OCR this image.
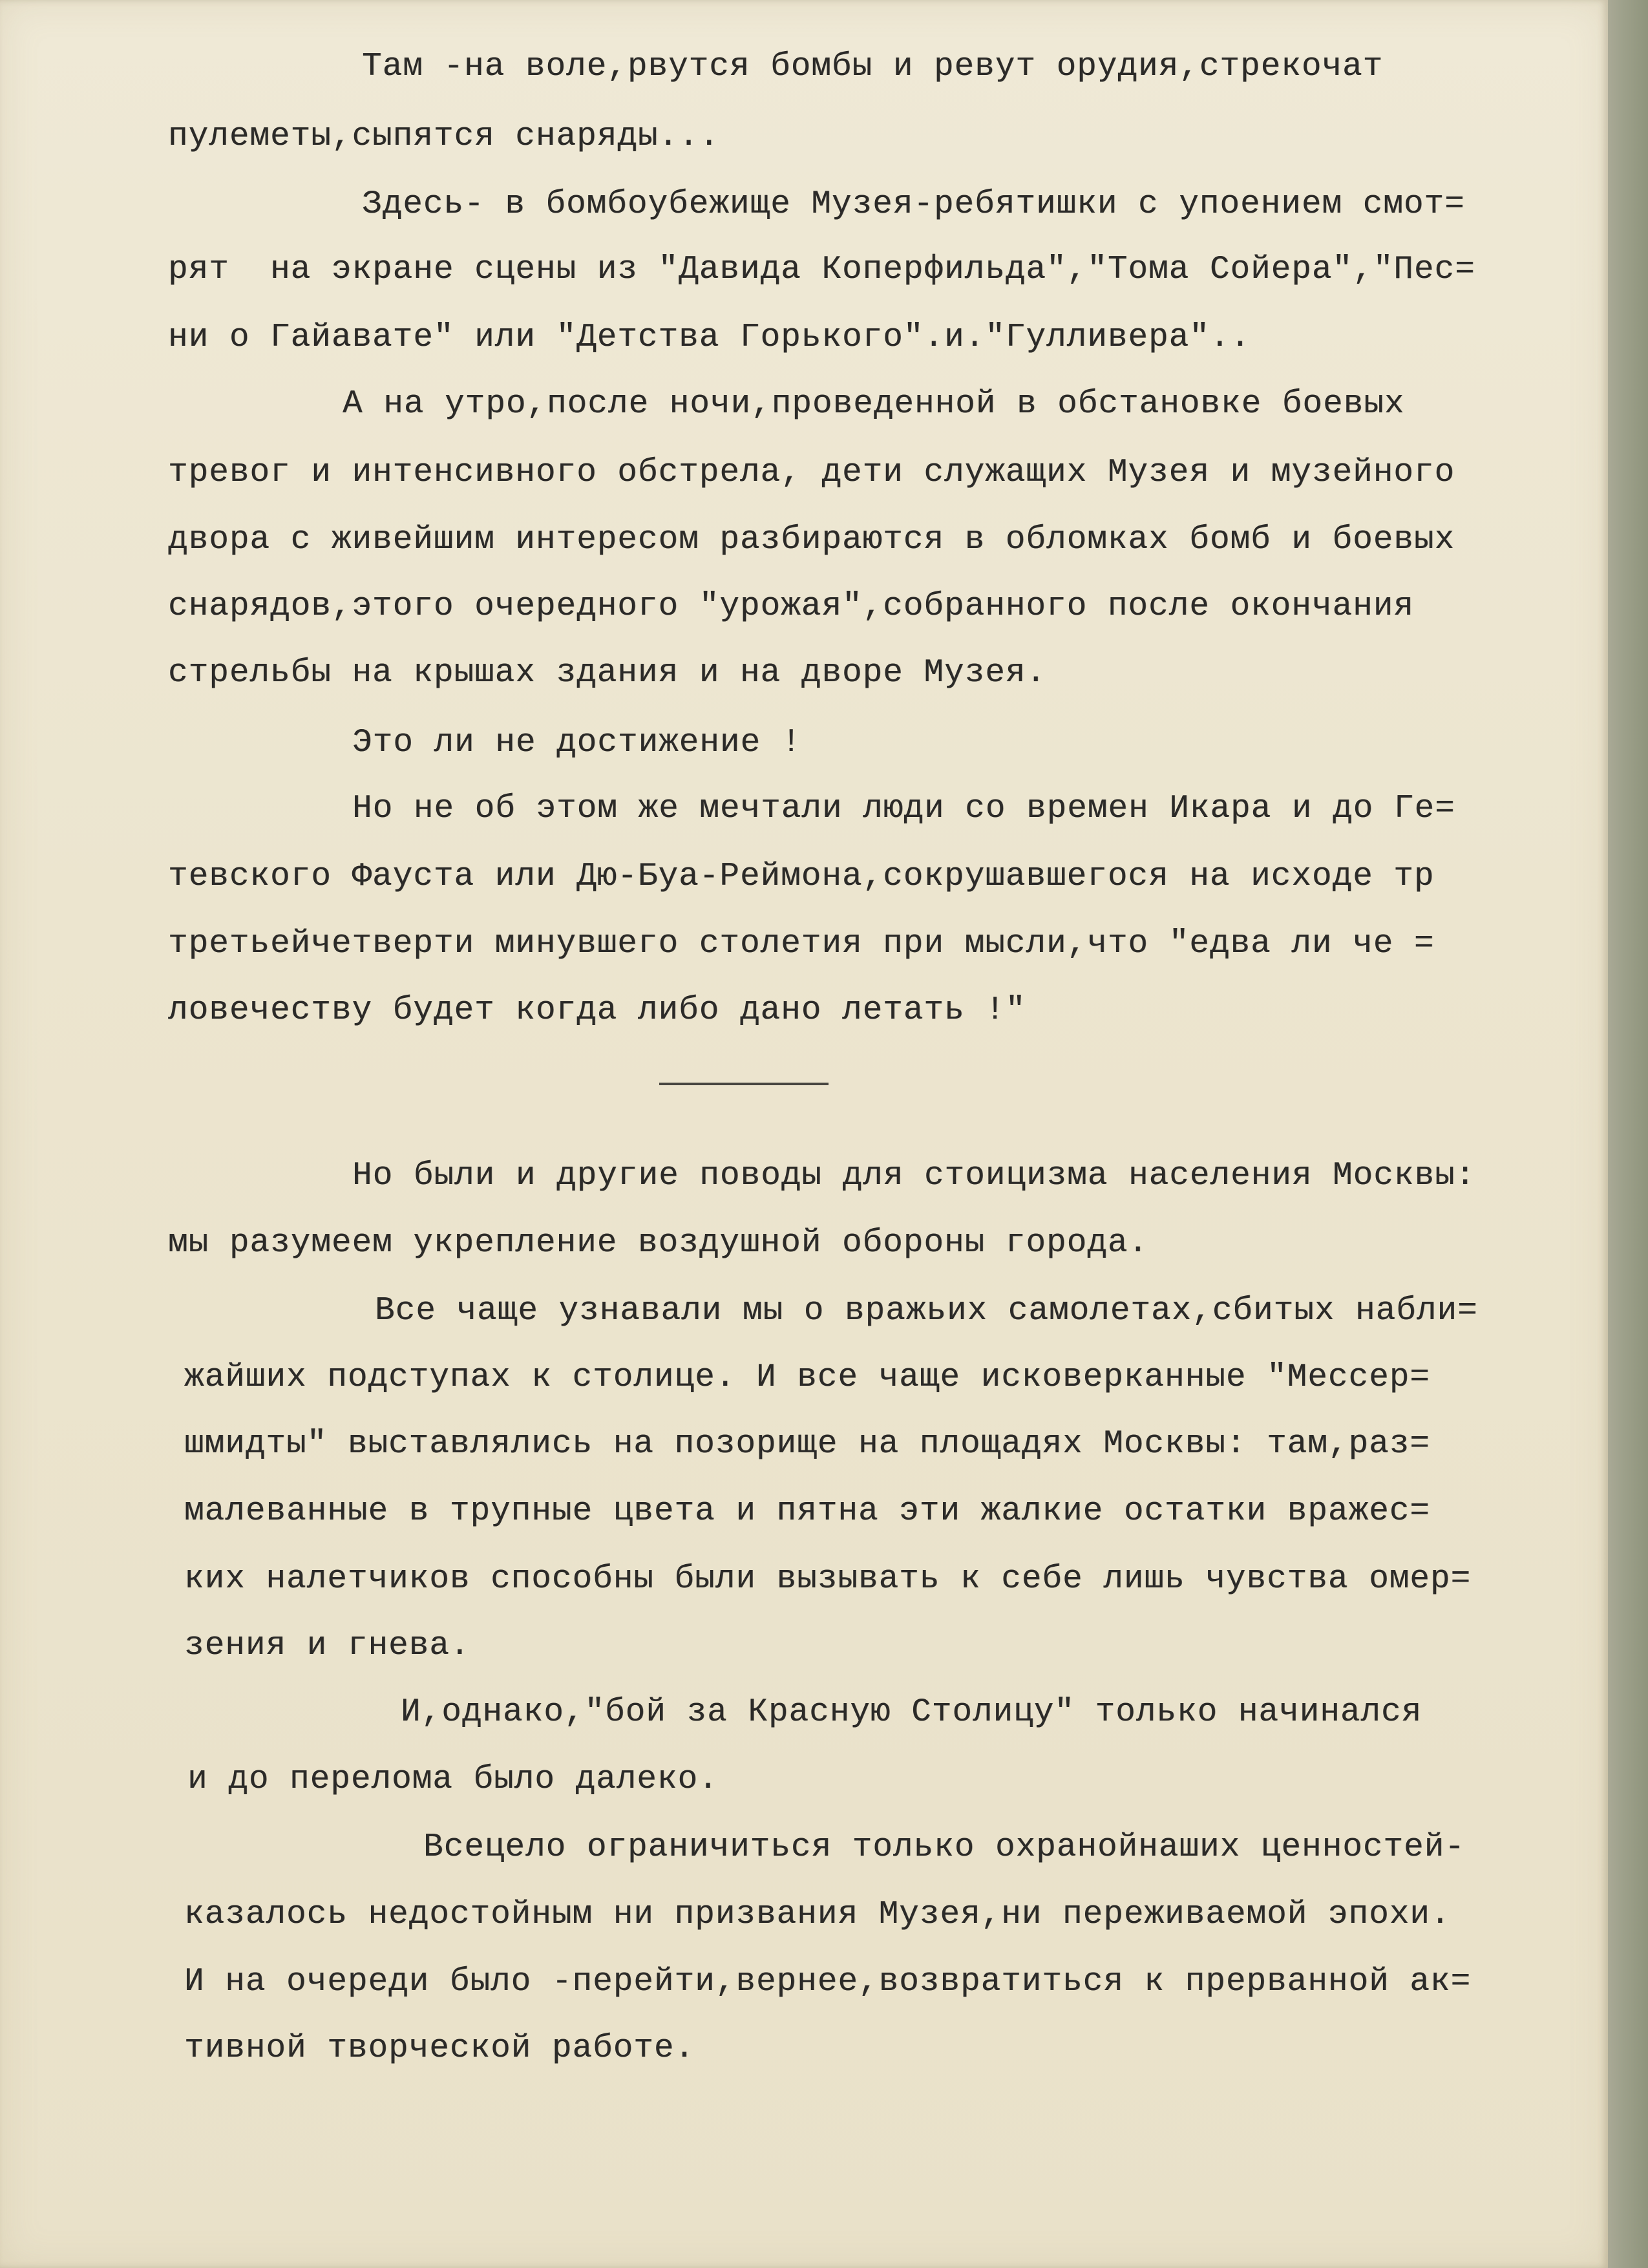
Там -на воле,рвутся бомбы и ревут орудия,стрекочат
пулеметы,сыпятся снаряды...
Здесь- в бомбоубежище Музея-ребятишки с упоением смот=
рят  на экране сцены из "Давида Коперфильда","Тома Сойера","Пес=
ни о Гайавате" или "Детства Горького".и."Гулливера"..
А на утро,после ночи,проведенной в обстановке боевых
тревог и интенсивного обстрела, дети служащих Музея и музейного
двора с живейшим интересом разбираются в обломках бомб и боевых
снарядов,этого очередного "урожая",собранного после окончания
стрельбы на крышах здания и на дворе Музея.
Это ли не достижение !
Но не об этом же мечтали люди со времен Икара и до Ге=
тевского Фауста или Дю-Буа-Реймона,сокрушавшегося на исходе тр
третьейчетверти минувшего столетия при мысли,что "едва ли че =
ловечеству будет когда либо дано летать !"
Но были и другие поводы для стоицизма населения Москвы:
мы разумеем укрепление воздушной обороны города.
Все чаще узнавали мы о вражьих самолетах,сбитых набли=
жайших подступах к столице. И все чаще исковерканные "Мессер=
шмидты" выставлялись на позорище на площадях Москвы: там,раз=
малеванные в трупные цвета и пятна эти жалкие остатки вражес=
ких налетчиков способны были вызывать к себе лишь чувства омер=
зения и гнева.
И,однако,"бой за Красную Столицу" только начинался
и до перелома было далеко.
Всецело ограничиться только охранойнаших ценностей-
казалось недостойным ни призвания Музея,ни переживаемой эпохи.
И на очереди было -перейти,вернее,возвратиться к прерванной ак=
тивной творческой работе.
